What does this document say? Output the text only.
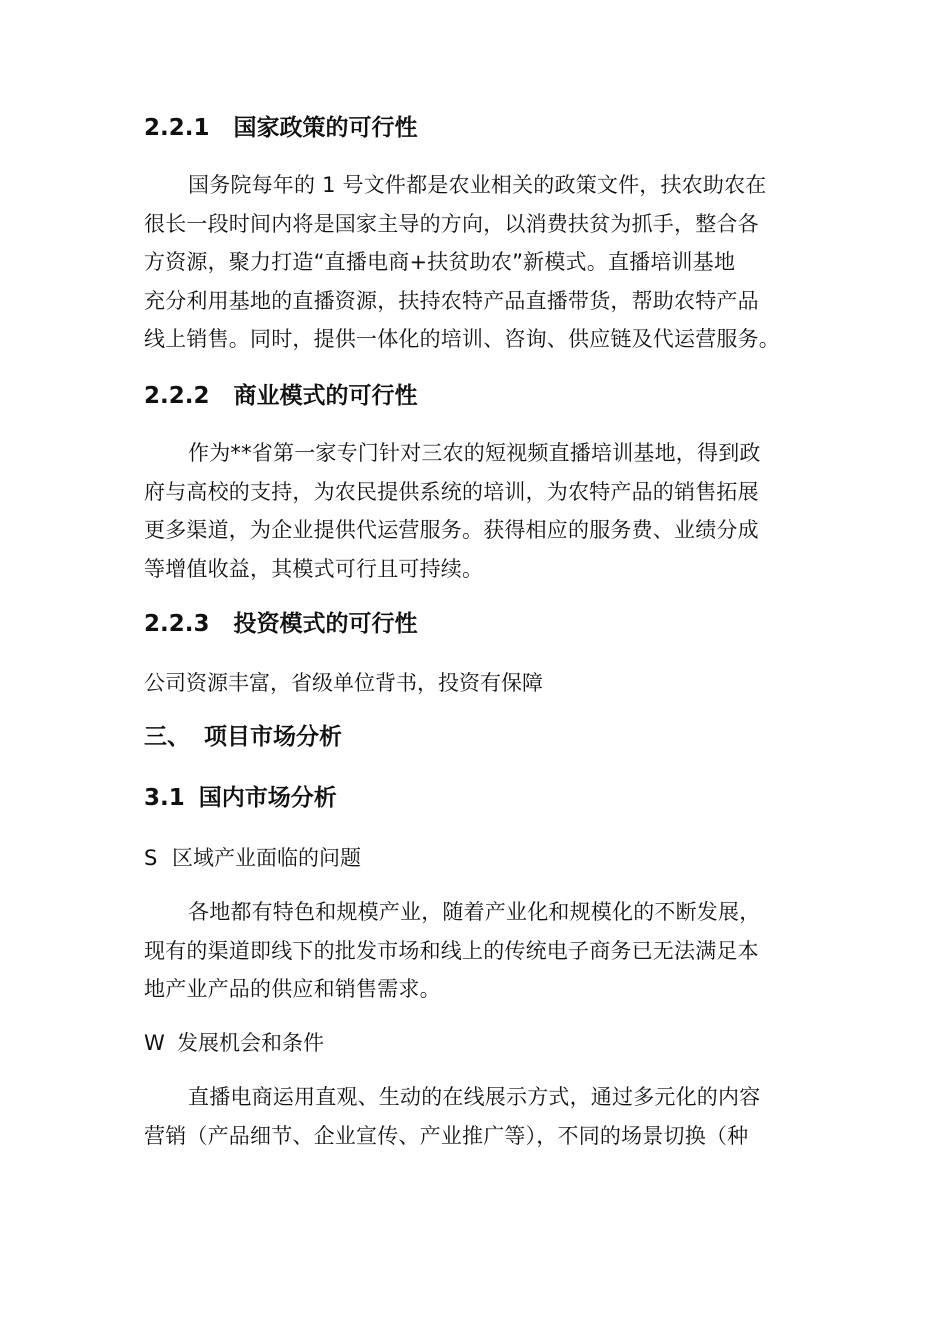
2.2.1 国家政策的可行性
国务院每年的 1 号文件都是农业相关的政策文件，扶农助农在
很长一段时间内将是国家主导的方向，以消费扶贫为抓手，整合各
方资源，聚力打造“直播电商+扶贫助农”新模式。直播培训基地
充分利用基地的直播资源，扶持农特产品直播带货，帮助农特产品
线上销售。同时，提供一体化的培训、咨询、供应链及代运营服务。
2.2.2 商业模式的可行性
作为**省第一家专门针对三农的短视频直播培训基地，得到政
府与高校的支持，为农民提供系统的培训，为农特产品的销售拓展
更多渠道，为企业提供代运营服务。获得相应的服务费、业绩分成
等增值收益，其模式可行且可持续。
2.2.3 投资模式的可行性
公司资源丰富，省级单位背书，投资有保障
三、 项目市场分析
3.1 国内市场分析
S 区域产业面临的问题
各地都有特色和规模产业，随着产业化和规模化的不断发展，
现有的渠道即线下的批发市场和线上的传统电子商务已无法满足本
地产业产品的供应和销售需求。
W 发展机会和条件
直播电商运用直观、生动的在线展示方式，通过多元化的内容
营销（产品细节、企业宣传、产业推广等），不同的场景切换（种
